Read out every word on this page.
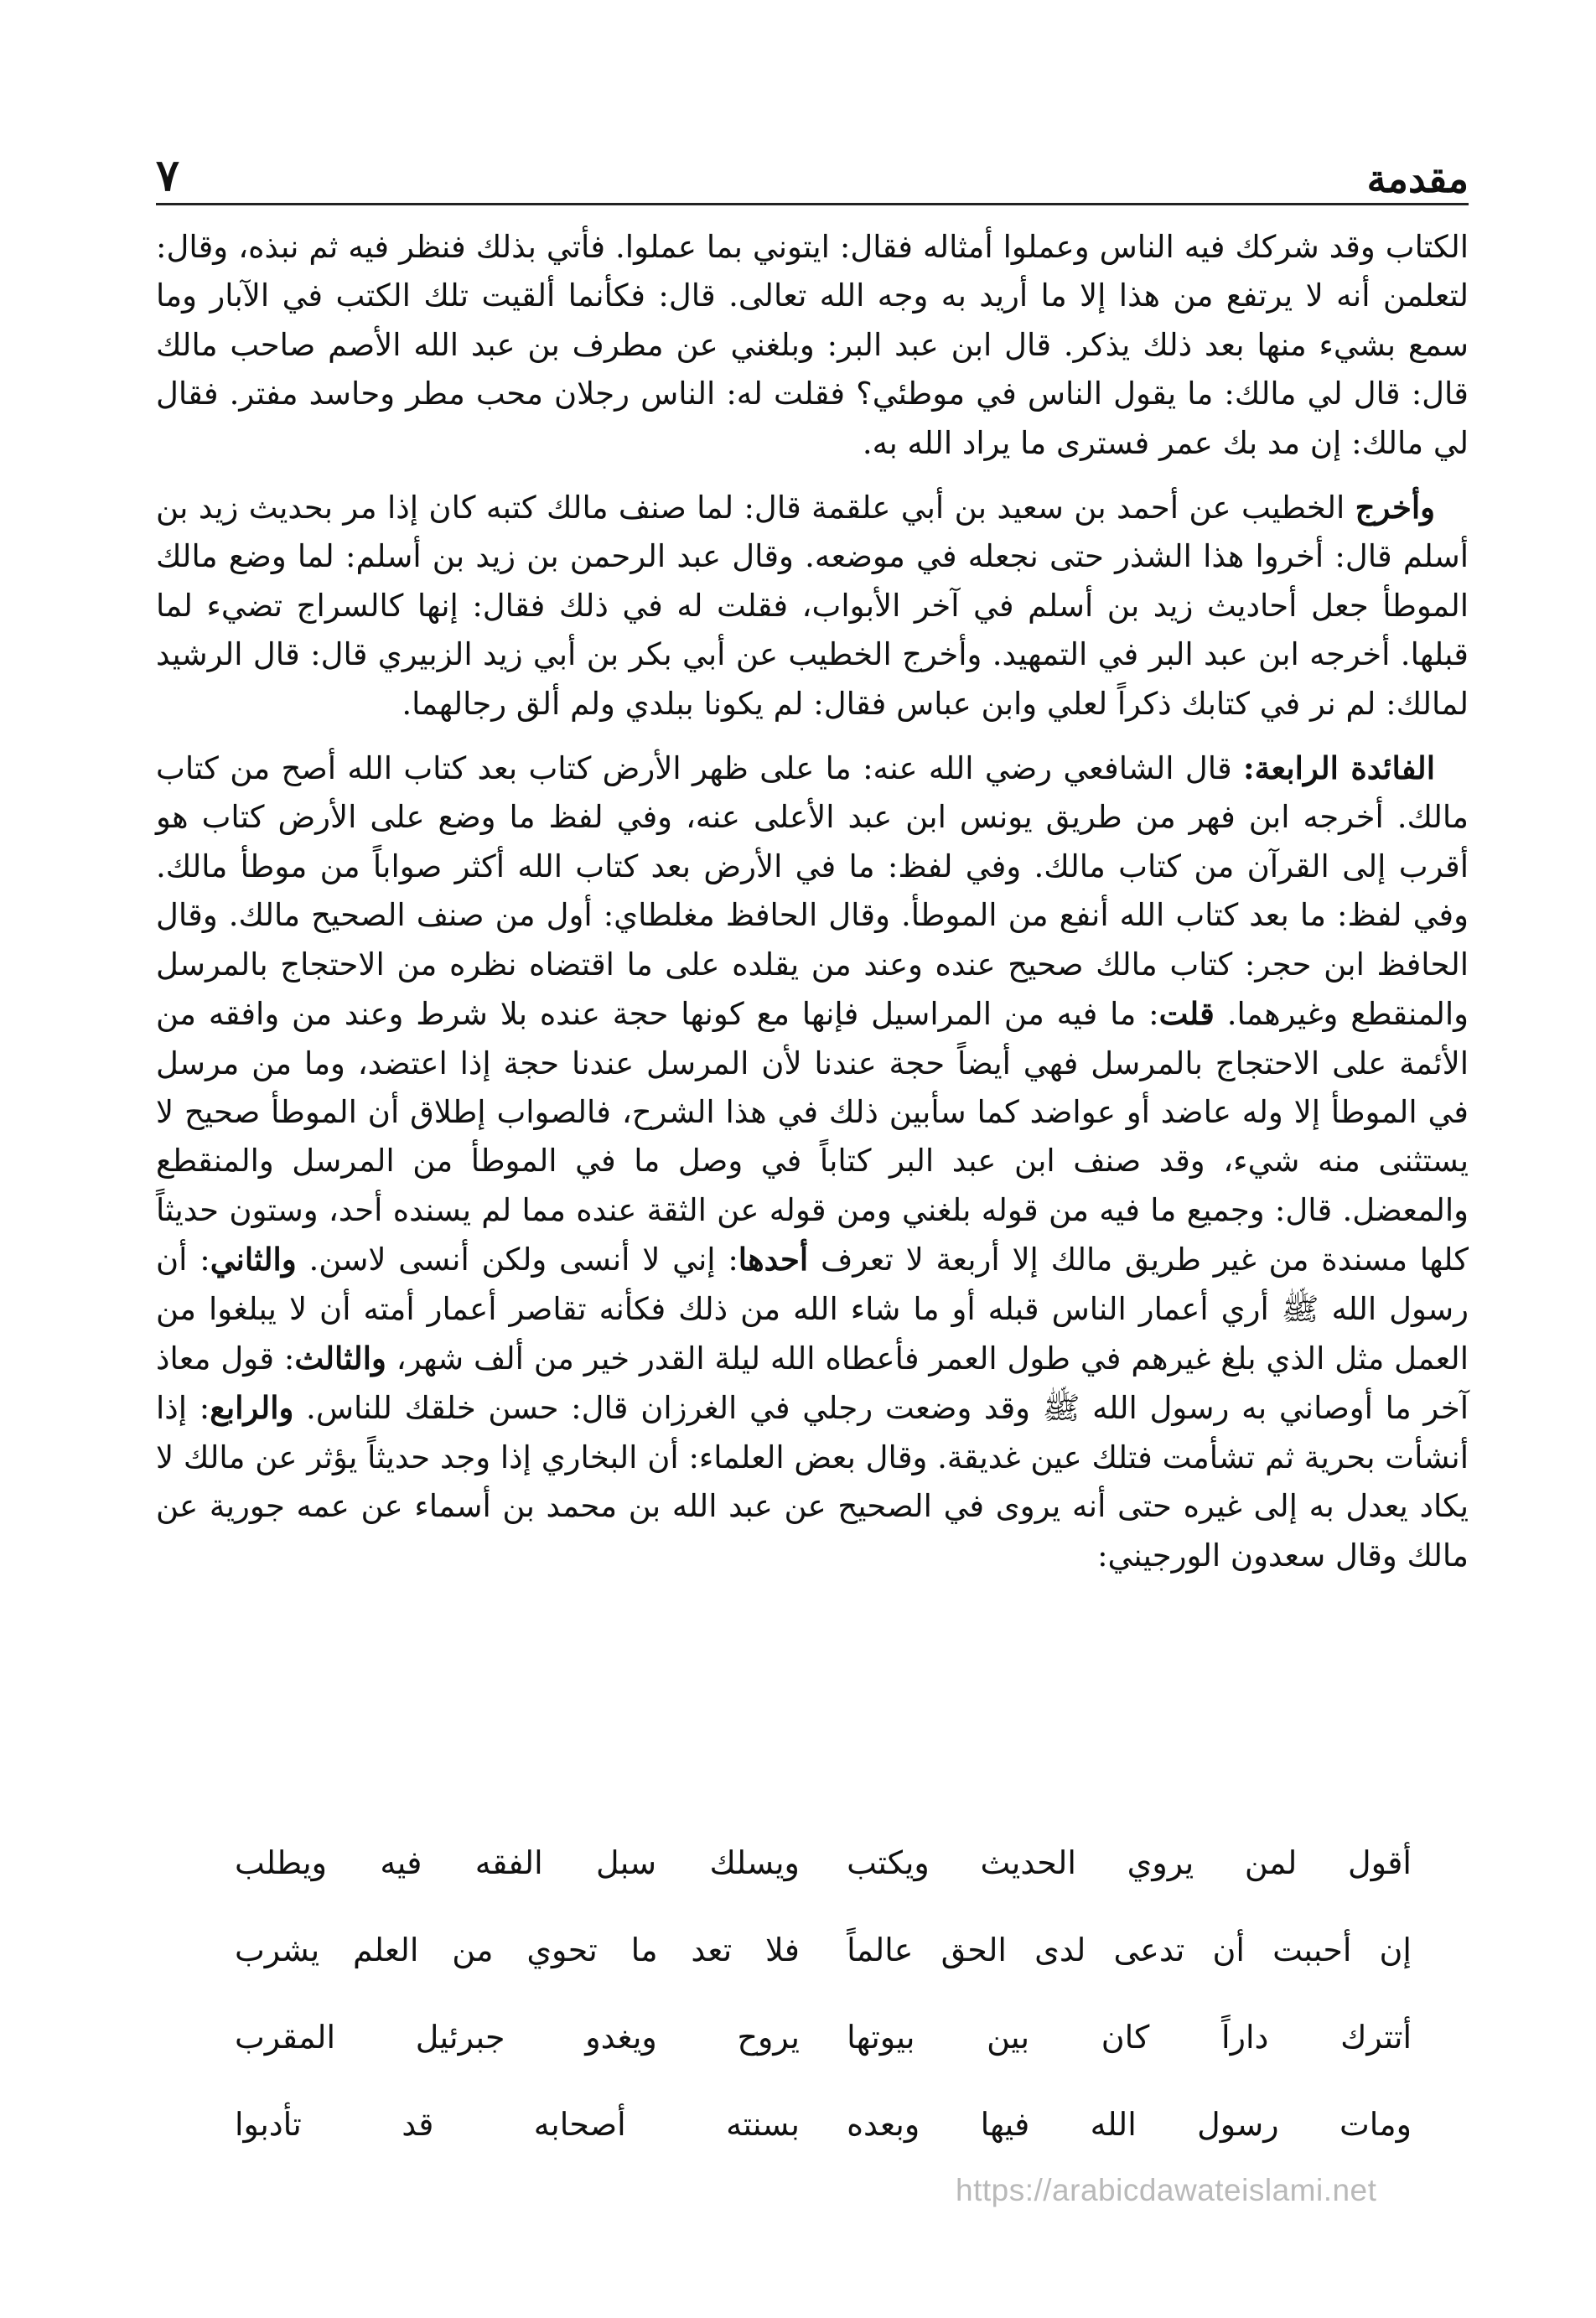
مقدمة
٧

الكتاب وقد شركك فيه الناس وعملوا أمثاله فقال: ايتوني بما عملوا. فأتي بذلك فنظر فيه ثم نبذه، وقال: لتعلمن أنه لا يرتفع من هذا إلا ما أريد به وجه الله تعالى. قال: فكأنما ألقيت تلك الكتب في الآبار وما سمع بشيء منها بعد ذلك يذكر. قال ابن عبد البر: وبلغني عن مطرف بن عبد الله الأصم صاحب مالك قال: قال لي مالك: ما يقول الناس في موطئي؟ فقلت له: الناس رجلان محب مطر وحاسد مفتر. فقال لي مالك: إن مد بك عمر فسترى ما يراد الله به.

وأخرج الخطيب عن أحمد بن سعيد بن أبي علقمة قال: لما صنف مالك كتبه كان إذا مر بحديث زيد بن أسلم قال: أخروا هذا الشذر حتى نجعله في موضعه. وقال عبد الرحمن بن زيد بن أسلم: لما وضع مالك الموطأ جعل أحاديث زيد بن أسلم في آخر الأبواب، فقلت له في ذلك فقال: إنها كالسراج تضيء لما قبلها. أخرجه ابن عبد البر في التمهيد. وأخرج الخطيب عن أبي بكر بن أبي زيد الزبيري قال: قال الرشيد لمالك: لم نر في كتابك ذكراً لعلي وابن عباس فقال: لم يكونا ببلدي ولم ألق رجالهما.

الفائدة الرابعة: قال الشافعي رضي الله عنه: ما على ظهر الأرض كتاب بعد كتاب الله أصح من كتاب مالك. أخرجه ابن فهر من طريق يونس ابن عبد الأعلى عنه، وفي لفظ ما وضع على الأرض كتاب هو أقرب إلى القرآن من كتاب مالك. وفي لفظ: ما في الأرض بعد كتاب الله أكثر صواباً من موطأ مالك. وفي لفظ: ما بعد كتاب الله أنفع من الموطأ. وقال الحافظ مغلطاي: أول من صنف الصحيح مالك. وقال الحافظ ابن حجر: كتاب مالك صحيح عنده وعند من يقلده على ما اقتضاه نظره من الاحتجاج بالمرسل والمنقطع وغيرهما. قلت: ما فيه من المراسيل فإنها مع كونها حجة عنده بلا شرط وعند من وافقه من الأئمة على الاحتجاج بالمرسل فهي أيضاً حجة عندنا لأن المرسل عندنا حجة إذا اعتضد، وما من مرسل في الموطأ إلا وله عاضد أو عواضد كما سأبين ذلك في هذا الشرح، فالصواب إطلاق أن الموطأ صحيح لا يستثنى منه شيء، وقد صنف ابن عبد البر كتاباً في وصل ما في الموطأ من المرسل والمنقطع والمعضل. قال: وجميع ما فيه من قوله بلغني ومن قوله عن الثقة عنده مما لم يسنده أحد، وستون حديثاً كلها مسندة من غير طريق مالك إلا أربعة لا تعرف أحدها: إني لا أنسى ولكن أنسى لاسن. والثاني: أن رسول الله ﷺ أري أعمار الناس قبله أو ما شاء الله من ذلك فكأنه تقاصر أعمار أمته أن لا يبلغوا من العمل مثل الذي بلغ غيرهم في طول العمر فأعطاه الله ليلة القدر خير من ألف شهر، والثالث: قول معاذ آخر ما أوصاني به رسول الله ﷺ وقد وضعت رجلي في الغرزان قال: حسن خلقك للناس. والرابع: إذا أنشأت بحرية ثم تشأمت فتلك عين غديقة. وقال بعض العلماء: أن البخاري إذا وجد حديثاً يؤثر عن مالك لا يكاد يعدل به إلى غيره حتى أنه يروى في الصحيح عن عبد الله بن محمد بن أسماء عن عمه جورية عن مالك وقال سعدون الورجيني:

أقول لمن يروي الحديث ويكتب
ويسلك سبل الفقه فيه ويطلب
إن أحببت أن تدعى لدى الحق عالماً
فلا تعد ما تحوي من العلم يشرب
أتترك داراً كان بين بيوتها
يروح ويغدو جبرئيل المقرب
ومات رسول الله فيها وبعده
بسنته أصحابه قد تأدبوا
https://arabicdawateislami.net
